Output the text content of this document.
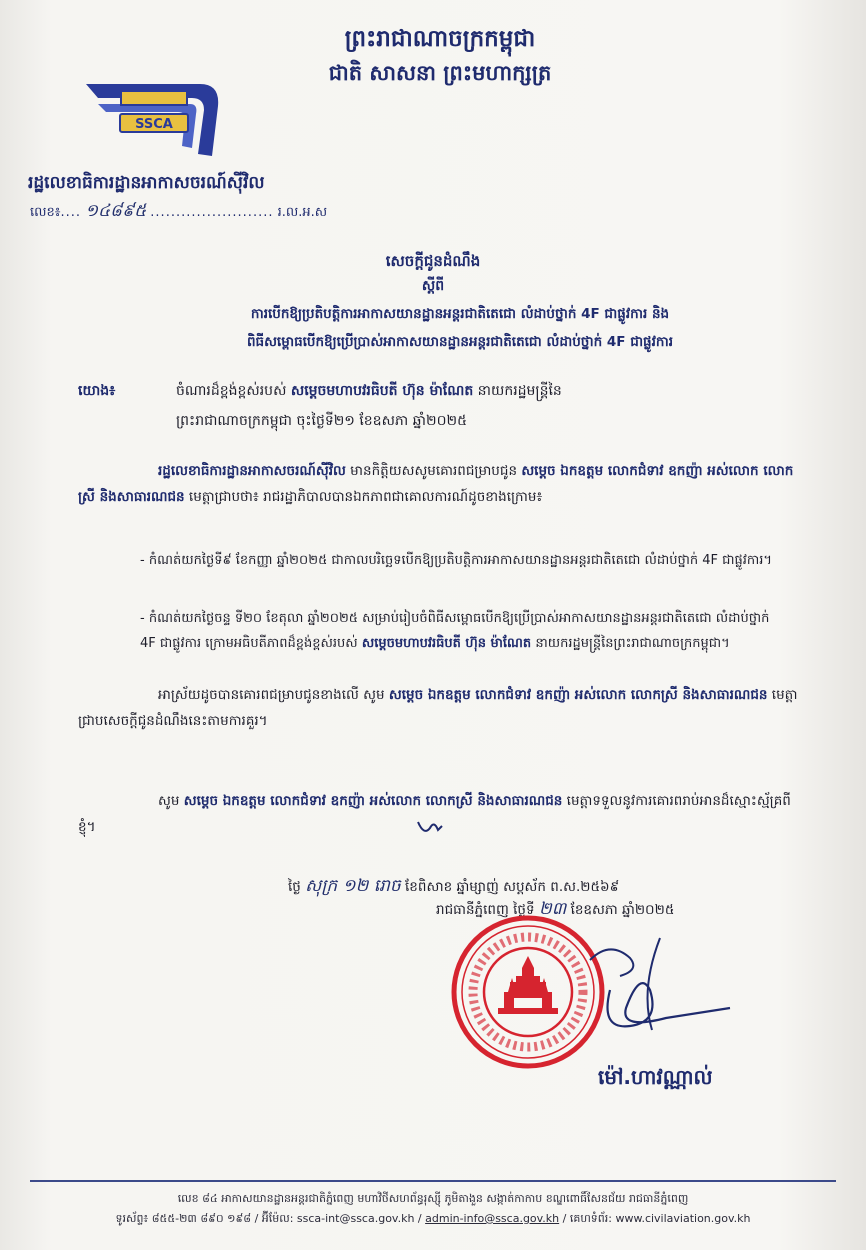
ព្រះរាជាណាចក្រកម្ពុជា
ជាតិ សាសនា ព្រះមហាក្សត្រ
SSCA
រដ្ឋលេខាធិការដ្ឋានអាកាសចរណ៍ស៊ីវិល
លេខ៖.... ១៤៨៩៥ ........................ រ.ល.អ.ស
សេចក្តីជូនដំណឹង
ស្តីពី
ការបើកឱ្យប្រតិបត្តិការអាកាសយានដ្ឋានអន្តរជាតិតេជោ លំដាប់ថ្នាក់ 4F ជាផ្លូវការ និង
ពិធីសម្ពោធបើកឱ្យប្រើប្រាស់អាកាសយានដ្ឋានអន្តរជាតិតេជោ លំដាប់ថ្នាក់ 4F ជាផ្លូវការ
យោង៖	ចំណារដ៏ខ្ពង់ខ្ពស់របស់ សម្តេចមហាបវរធិបតី ហ៊ុន ម៉ាណែត នាយករដ្ឋមន្ត្រីនៃ
ព្រះរាជាណាចក្រកម្ពុជា ចុះថ្ងៃទី២១ ខែឧសភា ឆ្នាំ២០២៥
រដ្ឋលេខាធិការដ្ឋានអាកាសចរណ៍ស៊ីវិល មានកិត្តិយសសូមគោរពជម្រាបជូន សម្តេច ឯកឧត្តម លោកជំទាវ ឧកញ៉ា អស់លោក លោកស្រី និងសាធារណជន មេត្តាជ្រាបថា៖ រាជរដ្ឋាភិបាលបានឯកភាពជាគោលការណ៍ដូចខាងក្រោម៖
- កំណត់យកថ្ងៃទី៩ ខែកញ្ញា ឆ្នាំ២០២៥ ជាកាលបរិច្ឆេទបើកឱ្យប្រតិបត្តិការអាកាសយានដ្ឋានអន្តរជាតិតេជោ លំដាប់ថ្នាក់ 4F ជាផ្លូវការ។
- កំណត់យកថ្ងៃចន្ទ ទី២០ ខែតុលា ឆ្នាំ២០២៥ សម្រាប់រៀបចំពិធីសម្ពោធបើកឱ្យប្រើប្រាស់អាកាសយានដ្ឋានអន្តរជាតិតេជោ លំដាប់ថ្នាក់ 4F ជាផ្លូវការ ក្រោមអធិបតីភាពដ៏ខ្ពង់ខ្ពស់របស់ សម្តេចមហាបវរធិបតី ហ៊ុន ម៉ាណែត នាយករដ្ឋមន្ត្រីនៃព្រះរាជាណាចក្រកម្ពុជា។
អាស្រ័យដូចបានគោរពជម្រាបជូនខាងលើ សូម សម្តេច ឯកឧត្តម លោកជំទាវ ឧកញ៉ា អស់លោក លោកស្រី និងសាធារណជន មេត្តាជ្រាបសេចក្តីជូនដំណឹងនេះតាមការគួរ។
សូម សម្តេច ឯកឧត្តម លោកជំទាវ ឧកញ៉ា អស់លោក លោកស្រី និងសាធារណជន មេត្តាទទួលនូវការគោរពរាប់អានដ៏ស្មោះស្ម័គ្រពីខ្ញុំ។
ថ្ងៃ សុក្រ ១២ រោច ខែពិសាខ ឆ្នាំម្សាញ់ សប្តស័ក ព.ស.២៥៦៩
រាជធានីភ្នំពេញ ថ្ងៃទី ២៣ ខែឧសភា ឆ្នាំ២០២៥
ម៉ៅ.ហាវណ្ណាល់
លេខ ៨៤ អាកាសយានដ្ឋានអន្តរជាតិភ្នំពេញ មហាវិថីសហព័ន្ធរុស្ស៊ី ភូមិតាងួន សង្កាត់កាកាប ខណ្ឌពោធិ៍សែនជ័យ រាជធានីភ្នំពេញ
ទូរស័ព្ទ៖ ៨៥៥-២៣ ៨៩០ ១៩៨ / អ៊ីម៉ែល: ssca-int@ssca.gov.kh / admin-info@ssca.gov.kh / គេហទំព័រ: www.civilaviation.gov.kh
